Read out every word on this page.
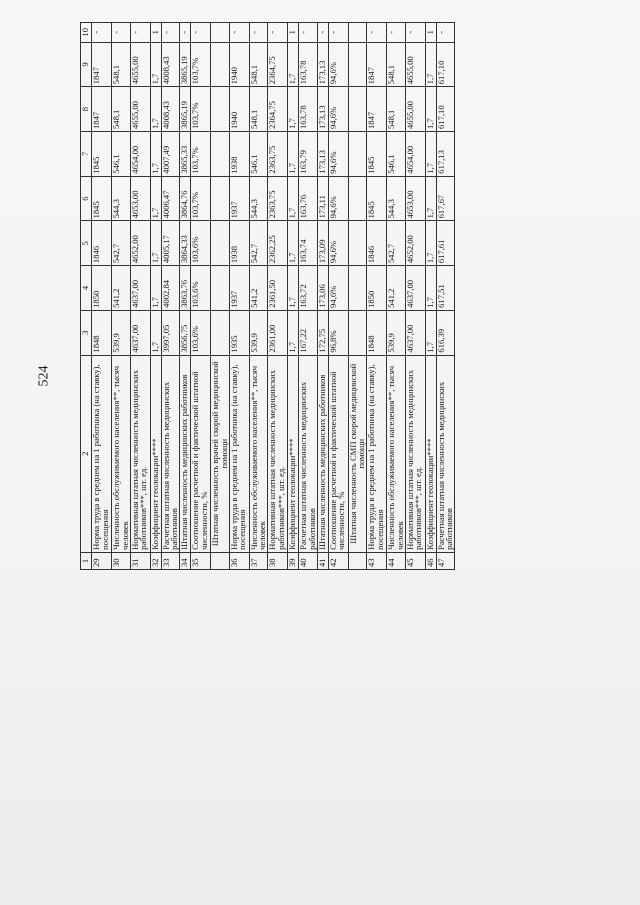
524
1	2	3	4	5	6	7	8	9	10
29	Норма труда в среднем на 1 работника (на ставку), посещения	1848	1850	1846	1845	1845	1847	1847	-
30	Численность обслуживаемого населения**, тысяч человек	539,9	541,2	542,7	544,3	546,1	548,1	548,1	-
31	Нормативная штатная численность медицинских работников***, шт. ед.	4637,00	4637,00	4652,00	4653,00	4654,00	4655,00	4655,00	-
32	Коэффициент геолокации****	1,7	1,7	1,7	1,7	1,7	1,7	1,7	1
33	Расчетная штатная численность медицинских работников	3997,05	4002,84	4005,17	4006,47	4007,49	4008,43	4008,43	-
34	Штатная численность медицинских работников	3856,75	3863,76	3864,33	3864,76	3865,33	3865,19	3865,19	-
35	Соотношение расчетной и фактической штатной численности, %	103,6%	103,6%	103,6%	103,7%	103,7%	103,7%	103,7%	-
	Штатная численность врачей скорой медицинской помощи								
36	Норма труда в среднем на 1 работника (на ставку), посещения	1935	1937	1938	1937	1938	1940	1940	-
37	Численность обслуживаемого населения**, тысяч человек	539,9	541,2	542,7	544,3	546,1	548,1	548,1	-
38	Нормативная штатная численность медицинских работников***, шт. ед.	2361,00	2361,50	2362,25	2363,75	2363,75	2364,75	2364,75	-
39	Коэффициент геолокации****	1,7	1,7	1,7	1,7	1,7	1,7	1,7	1
40	Расчетная штатная численность медицинских работников	167,22	163,72	163,74	163,76	163,79	163,78	163,78	-
41	Штатная численность медицинских работников	172,75	173,06	173,09	173,11	173,13	173,13	173,13	-
42	Соотношение расчетной и фактической штатной численности, %	96,8%	94,6%	94,6%	94,6%	94,6%	94,6%	94,6%	-
	Штатная численность СМП скорой медицинской помощи								
43	Норма труда в среднем на 1 работника (на ставку), посещения	1848	1850	1846	1845	1845	1847	1847	-
44	Численность обслуживаемого населения**, тысяч человек	539,9	541,2	542,7	544,3	546,1	548,1	548,1	-
45	Нормативная штатная численность медицинских работников***, шт. ед.	4637,00	4637,00	4652,00	4653,00	4654,00	4655,00	4655,00	-
46	Коэффициент геолокации****	1,7	1,7	1,7	1,7	1,7	1,7	1,7	1
47	Расчетная штатная численность медицинских работников	616,39	617,51	617,61	617,67	617,13	617,10	617,10	-
